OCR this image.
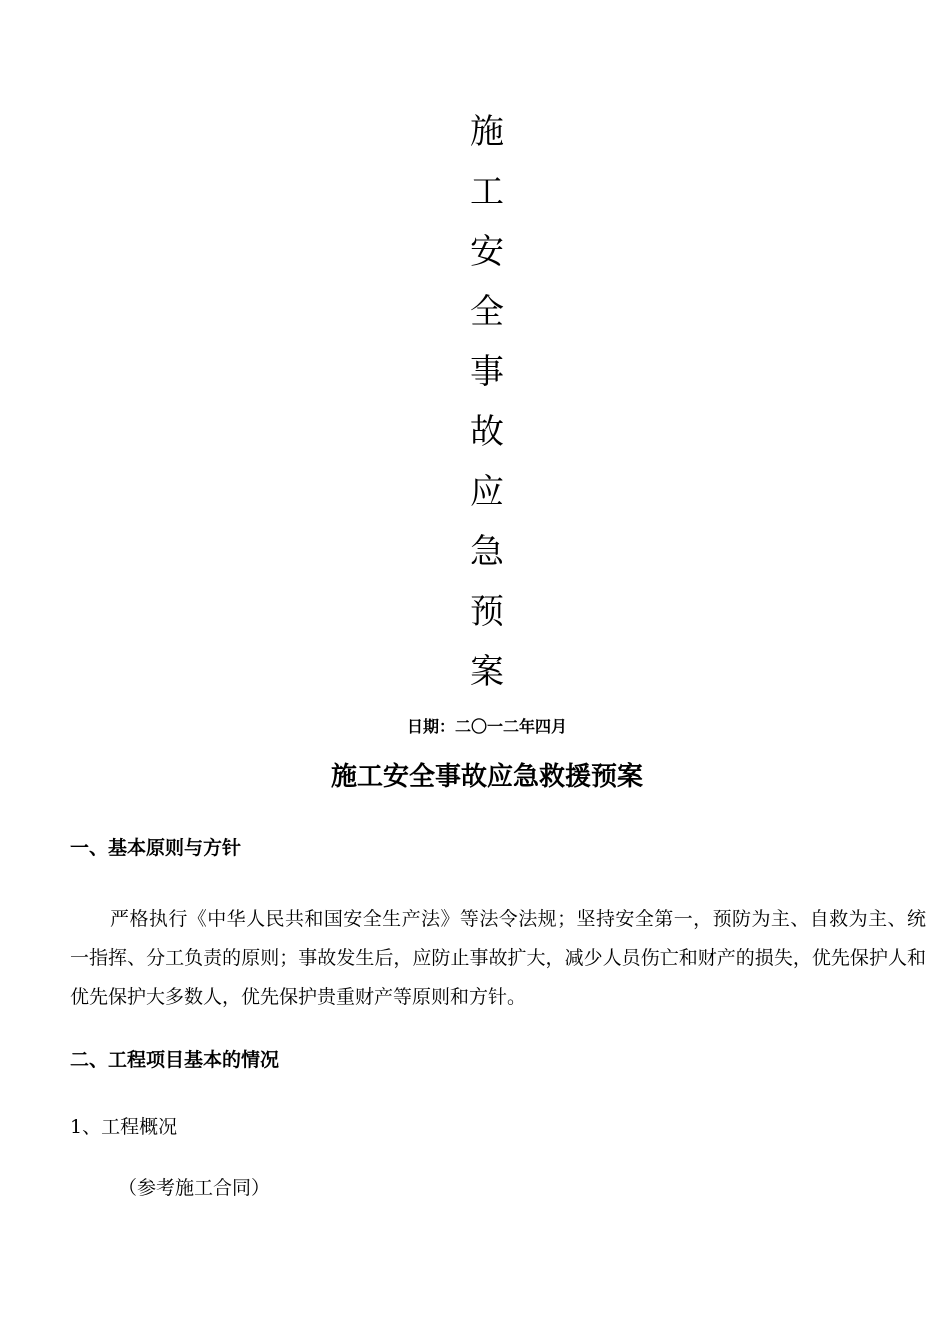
施
工
安
全
事
故
应
急
预
案
日期：二〇一二年四月
施工安全事故应急救援预案
一、基本原则与方针

严格执行《中华人民共和国安全生产法》等法令法规；坚持安全第一，预防为主、自救为主、统一指挥、分工负责的原则；事故发生后，应防止事故扩大，减少人员伤亡和财产的损失，优先保护人和优先保护大多数人，优先保护贵重财产等原则和方针。

二、工程项目基本的情况
1、工程概况
（参考施工合同）
